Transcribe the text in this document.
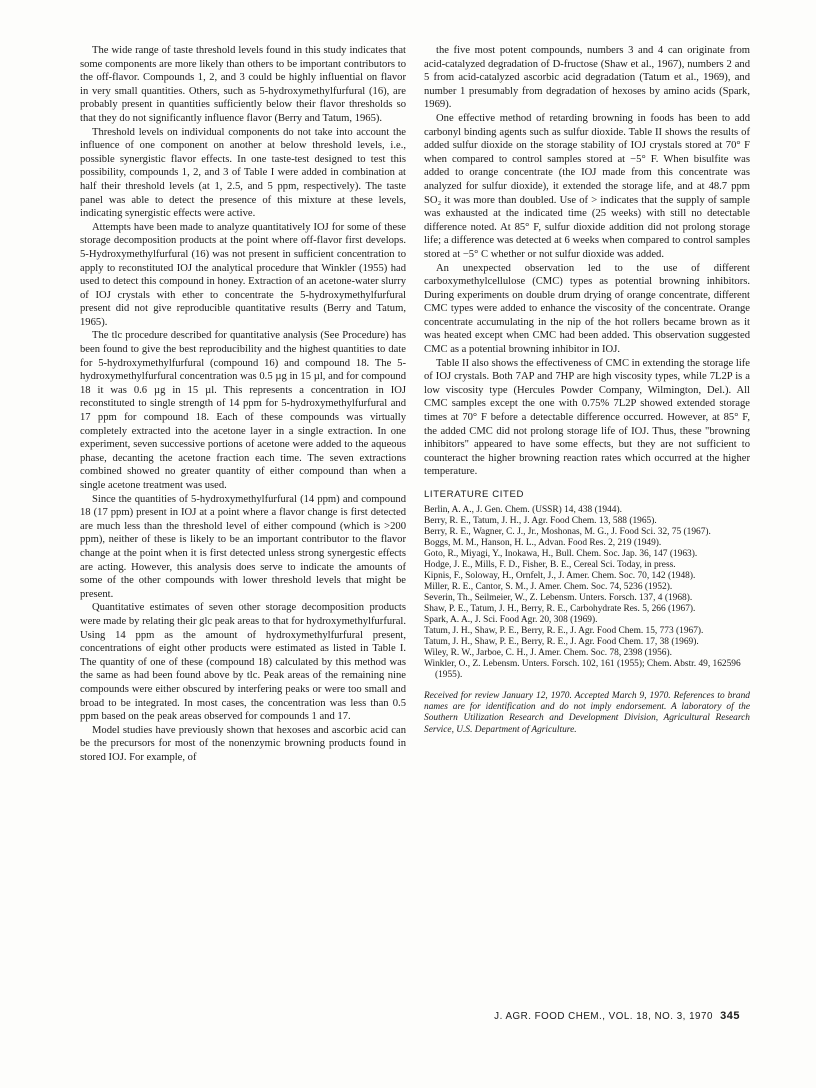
The wide range of taste threshold levels found in this study indicates that some components are more likely than others to be important contributors to the off-flavor. Compounds 1, 2, and 3 could be highly influential on flavor in very small quantities. Others, such as 5-hydroxymethylfurfural (16), are probably present in quantities sufficiently below their flavor thresholds so that they do not significantly influence flavor (Berry and Tatum, 1965).

Threshold levels on individual components do not take into account the influence of one component on another at below threshold levels, i.e., possible synergistic flavor effects. In one taste-test designed to test this possibility, compounds 1, 2, and 3 of Table I were added in combination at half their threshold levels (at 1, 2.5, and 5 ppm, respectively). The taste panel was able to detect the presence of this mixture at these levels, indicating synergistic effects were active.

Attempts have been made to analyze quantitatively IOJ for some of these storage decomposition products at the point where off-flavor first develops. 5-Hydroxymethylfurfural (16) was not present in sufficient concentration to apply to reconstituted IOJ the analytical procedure that Winkler (1955) had used to detect this compound in honey. Extraction of an acetone-water slurry of IOJ crystals with ether to concentrate the 5-hydroxymethylfurfural present did not give reproducible quantitative results (Berry and Tatum, 1965).

The tlc procedure described for quantitative analysis (See Procedure) has been found to give the best reproducibility and the highest quantities to date for 5-hydroxymethylfurfural (compound 16) and compound 18. The 5-hydroxymethylfurfural concentration was 0.5 µg in 15 µl, and for compound 18 it was 0.6 µg in 15 µl. This represents a concentration in IOJ reconstituted to single strength of 14 ppm for 5-hydroxymethylfurfural and 17 ppm for compound 18. Each of these compounds was virtually completely extracted into the acetone layer in a single extraction. In one experiment, seven successive portions of acetone were added to the aqueous phase, decanting the acetone fraction each time. The seven extractions combined showed no greater quantity of either compound than when a single acetone treatment was used.

Since the quantities of 5-hydroxymethylfurfural (14 ppm) and compound 18 (17 ppm) present in IOJ at a point where a flavor change is first detected are much less than the threshold level of either compound (which is >200 ppm), neither of these is likely to be an important contributor to the flavor change at the point when it is first detected unless strong synergestic effects are acting. However, this analysis does serve to indicate the amounts of some of the other compounds with lower threshold levels that might be present.

Quantitative estimates of seven other storage decomposition products were made by relating their glc peak areas to that for hydroxymethylfurfural. Using 14 ppm as the amount of hydroxymethylfurfural present, concentrations of eight other products were estimated as listed in Table I. The quantity of one of these (compound 18) calculated by this method was the same as had been found above by tlc. Peak areas of the remaining nine compounds were either obscured by interfering peaks or were too small and broad to be integrated. In most cases, the concentration was less than 0.5 ppm based on the peak areas observed for compounds 1 and 17.

Model studies have previously shown that hexoses and ascorbic acid can be the precursors for most of the nonenzymic browning products found in stored IOJ. For example, of

the five most potent compounds, numbers 3 and 4 can originate from acid-catalyzed degradation of D-fructose (Shaw et al., 1967), numbers 2 and 5 from acid-catalyzed ascorbic acid degradation (Tatum et al., 1969), and number 1 presumably from degradation of hexoses by amino acids (Spark, 1969).

One effective method of retarding browning in foods has been to add carbonyl binding agents such as sulfur dioxide. Table II shows the results of added sulfur dioxide on the storage stability of IOJ crystals stored at 70° F when compared to control samples stored at −5° F. When bisulfite was added to orange concentrate (the IOJ made from this concentrate was analyzed for sulfur dioxide), it extended the storage life, and at 48.7 ppm SO₂ it was more than doubled. Use of > indicates that the supply of sample was exhausted at the indicated time (25 weeks) with still no detectable difference noted. At 85° F, sulfur dioxide addition did not prolong storage life; a difference was detected at 6 weeks when compared to control samples stored at −5° C whether or not sulfur dioxide was added.

An unexpected observation led to the use of different carboxymethylcellulose (CMC) types as potential browning inhibitors. During experiments on double drum drying of orange concentrate, different CMC types were added to enhance the viscosity of the concentrate. Orange concentrate accumulating in the nip of the hot rollers became brown as it was heated except when CMC had been added. This observation suggested CMC as a potential browning inhibitor in IOJ.

Table II also shows the effectiveness of CMC in extending the storage life of IOJ crystals. Both 7AP and 7HP are high viscosity types, while 7L2P is a low viscosity type (Hercules Powder Company, Wilmington, Del.). All CMC samples except the one with 0.75% 7L2P showed extended storage times at 70° F before a detectable difference occurred. However, at 85° F, the added CMC did not prolong storage life of IOJ. Thus, these "browning inhibitors" appeared to have some effects, but they are not sufficient to counteract the higher browning reaction rates which occurred at the higher temperature.

LITERATURE CITED
Berlin, A. A., J. Gen. Chem. (USSR) 14, 438 (1944).
Berry, R. E., Tatum, J. H., J. Agr. Food Chem. 13, 588 (1965).
Berry, R. E., Wagner, C. J., Jr., Moshonas, M. G., J. Food Sci. 32, 75 (1967).
Boggs, M. M., Hanson, H. L., Advan. Food Res. 2, 219 (1949).
Goto, R., Miyagi, Y., Inokawa, H., Bull. Chem. Soc. Jap. 36, 147 (1963).
Hodge, J. E., Mills, F. D., Fisher, B. E., Cereal Sci. Today, in press.
Kipnis, F., Soloway, H., Ornfelt, J., J. Amer. Chem. Soc. 70, 142 (1948).
Miller, R. E., Cantor, S. M., J. Amer. Chem. Soc. 74, 5236 (1952).
Severin, Th., Seilmeier, W., Z. Lebensm. Unters. Forsch. 137, 4 (1968).
Shaw, P. E., Tatum, J. H., Berry, R. E., Carbohydrate Res. 5, 266 (1967).
Spark, A. A., J. Sci. Food Agr. 20, 308 (1969).
Tatum, J. H., Shaw, P. E., Berry, R. E., J. Agr. Food Chem. 15, 773 (1967).
Tatum, J. H., Shaw, P. E., Berry, R. E., J. Agr. Food Chem. 17, 38 (1969).
Wiley, R. W., Jarboe, C. H., J. Amer. Chem. Soc. 78, 2398 (1956).
Winkler, O., Z. Lebensm. Unters. Forsch. 102, 161 (1955); Chem. Abstr. 49, 162596 (1955).
Received for review January 12, 1970. Accepted March 9, 1970. References to brand names are for identification and do not imply endorsement. A laboratory of the Southern Utilization Research and Development Division, Agricultural Research Service, U.S. Department of Agriculture.
J. AGR. FOOD CHEM., VOL. 18, NO. 3, 1970 345
